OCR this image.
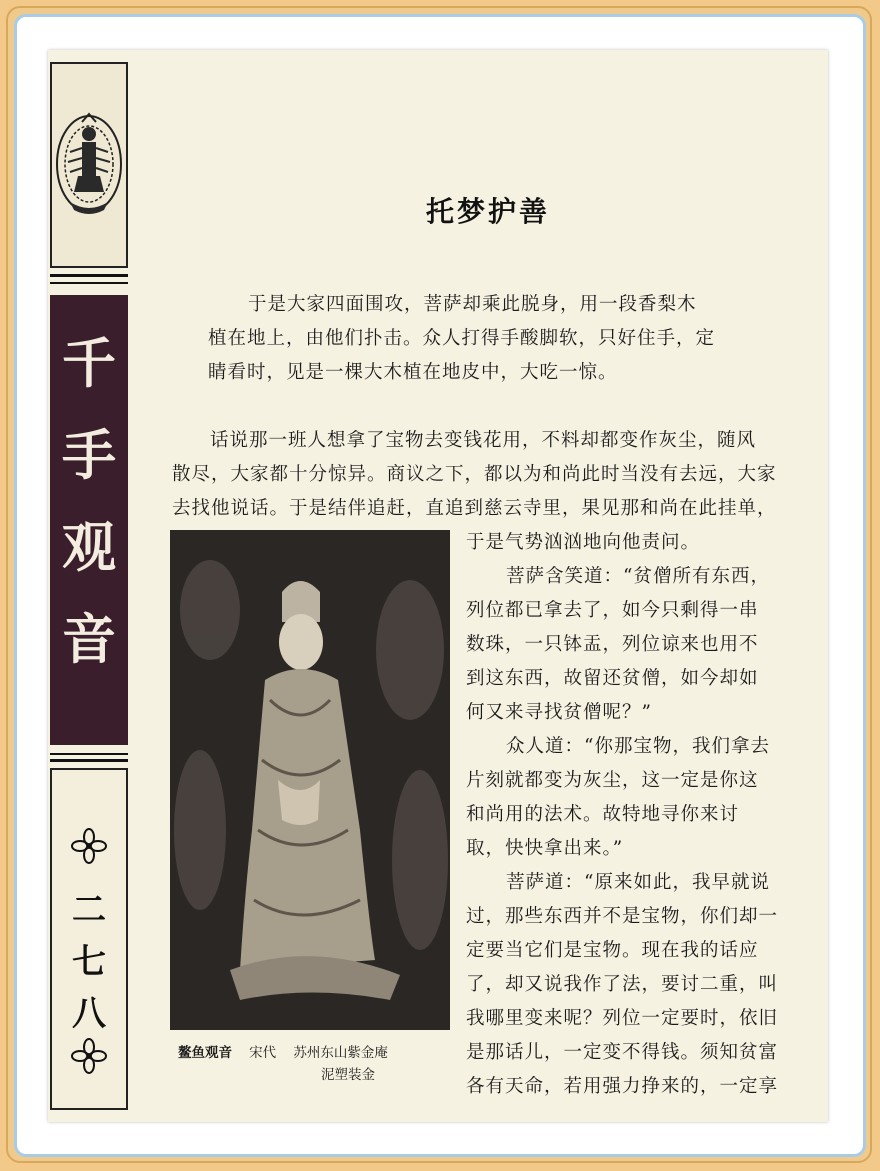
千
手
观
音
二
七
八
托梦护善
于是大家四面围攻，菩萨却乘此脱身，用一段香梨木
植在地上，由他们扑击。众人打得手酸脚软，只好住手，定
睛看时，见是一棵大木植在地皮中，大吃一惊。
话说那一班人想拿了宝物去变钱花用，不料却都变作灰尘，随风
散尽，大家都十分惊异。商议之下，都以为和尚此时当没有去远，大家
去找他说话。于是结伴追赶，直追到慈云寺里，果见那和尚在此挂单，
鳌鱼观音 宋代 苏州东山紫金庵
泥塑装金
于是气势汹汹地向他责问。
菩萨含笑道：“贫僧所有东西，
列位都已拿去了，如今只剩得一串
数珠，一只钵盂，列位谅来也用不
到这东西，故留还贫僧，如今却如
何又来寻找贫僧呢？”
众人道：“你那宝物，我们拿去
片刻就都变为灰尘，这一定是你这
和尚用的法术。故特地寻你来讨
取，快快拿出来。”
菩萨道：“原来如此，我早就说
过，那些东西并不是宝物，你们却一
定要当它们是宝物。现在我的话应
了，却又说我作了法，要讨二重，叫
我哪里变来呢？列位一定要时，依旧
是那话儿，一定变不得钱。须知贫富
各有天命，若用强力挣来的，一定享
